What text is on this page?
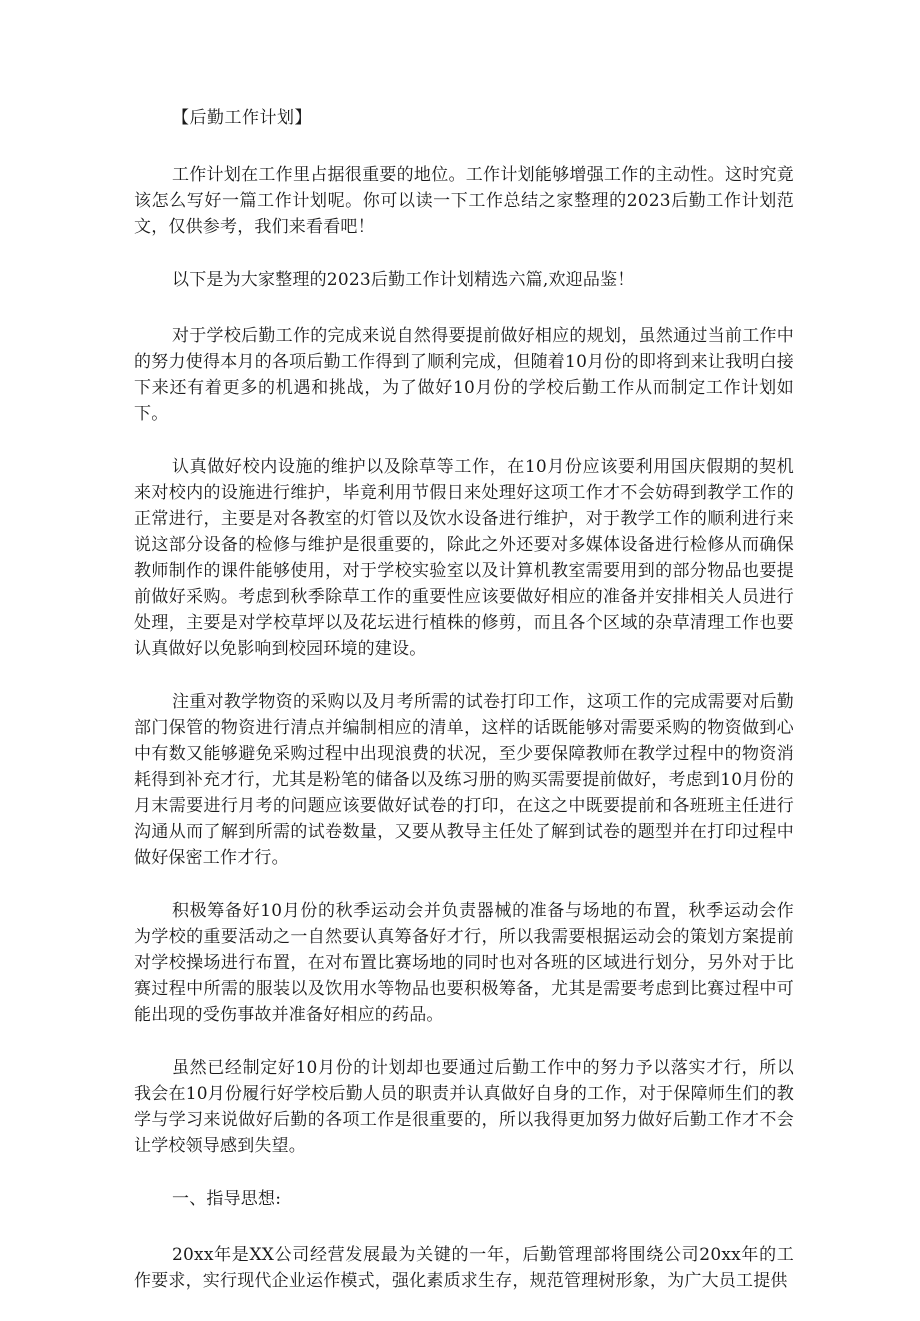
【后勤工作计划】

工作计划在工作里占据很重要的地位。工作计划能够增强工作的主动性。这时究竟该怎么写好一篇工作计划呢。你可以读一下工作总结之家整理的2023后勤工作计划范文，仅供参考，我们来看看吧！

以下是为大家整理的2023后勤工作计划精选六篇,欢迎品鉴！

对于学校后勤工作的完成来说自然得要提前做好相应的规划，虽然通过当前工作中的努力使得本月的各项后勤工作得到了顺利完成，但随着10月份的即将到来让我明白接下来还有着更多的机遇和挑战，为了做好10月份的学校后勤工作从而制定工作计划如下。

认真做好校内设施的维护以及除草等工作，在10月份应该要利用国庆假期的契机来对校内的设施进行维护，毕竟利用节假日来处理好这项工作才不会妨碍到教学工作的正常进行，主要是对各教室的灯管以及饮水设备进行维护，对于教学工作的顺利进行来说这部分设备的检修与维护是很重要的，除此之外还要对多媒体设备进行检修从而确保教师制作的课件能够使用，对于学校实验室以及计算机教室需要用到的部分物品也要提前做好采购。考虑到秋季除草工作的重要性应该要做好相应的准备并安排相关人员进行处理，主要是对学校草坪以及花坛进行植株的修剪，而且各个区域的杂草清理工作也要认真做好以免影响到校园环境的建设。

注重对教学物资的采购以及月考所需的试卷打印工作，这项工作的完成需要对后勤部门保管的物资进行清点并编制相应的清单，这样的话既能够对需要采购的物资做到心中有数又能够避免采购过程中出现浪费的状况，至少要保障教师在教学过程中的物资消耗得到补充才行，尤其是粉笔的储备以及练习册的购买需要提前做好，考虑到10月份的月末需要进行月考的问题应该要做好试卷的打印，在这之中既要提前和各班班主任进行沟通从而了解到所需的试卷数量，又要从教导主任处了解到试卷的题型并在打印过程中做好保密工作才行。

积极筹备好10月份的秋季运动会并负责器械的准备与场地的布置，秋季运动会作为学校的重要活动之一自然要认真筹备好才行，所以我需要根据运动会的策划方案提前对学校操场进行布置，在对布置比赛场地的同时也对各班的区域进行划分，另外对于比赛过程中所需的服装以及饮用水等物品也要积极筹备，尤其是需要考虑到比赛过程中可能出现的受伤事故并准备好相应的药品。

虽然已经制定好10月份的计划却也要通过后勤工作中的努力予以落实才行，所以我会在10月份履行好学校后勤人员的职责并认真做好自身的工作，对于保障师生们的教学与学习来说做好后勤的各项工作是很重要的，所以我得更加努力做好后勤工作才不会让学校领导感到失望。

一、指导思想:

20xx年是XX公司经营发展最为关键的一年，后勤管理部将围绕公司20xx年的工作要求，实行现代企业运作模式，强化素质求生存，规范管理树形象，为广大员工提供
